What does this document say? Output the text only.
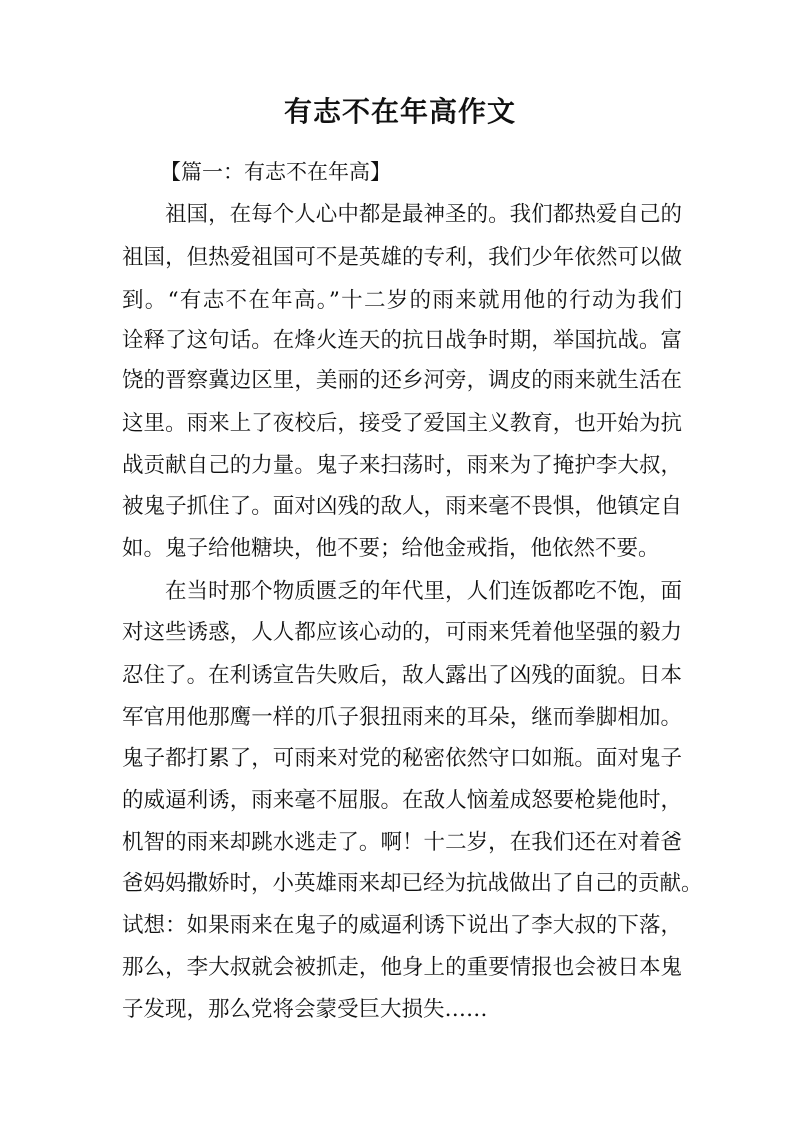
有志不在年高作文

【篇一：有志不在年高】

祖国，在每个人心中都是最神圣的。我们都热爱自己的

祖国，但热爱祖国可不是英雄的专利，我们少年依然可以做

到。“有志不在年高。”十二岁的雨来就用他的行动为我们

诠释了这句话。在烽火连天的抗日战争时期，举国抗战。富

饶的晋察冀边区里，美丽的还乡河旁，调皮的雨来就生活在

这里。雨来上了夜校后，接受了爱国主义教育，也开始为抗

战贡献自己的力量。鬼子来扫荡时，雨来为了掩护李大叔，

被鬼子抓住了。面对凶残的敌人，雨来毫不畏惧，他镇定自

如。鬼子给他糖块，他不要；给他金戒指，他依然不要。

在当时那个物质匮乏的年代里，人们连饭都吃不饱，面

对这些诱惑，人人都应该心动的，可雨来凭着他坚强的毅力

忍住了。在利诱宣告失败后，敌人露出了凶残的面貌。日本

军官用他那鹰一样的爪子狠扭雨来的耳朵，继而拳脚相加。

鬼子都打累了，可雨来对党的秘密依然守口如瓶。面对鬼子

的威逼利诱，雨来毫不屈服。在敌人恼羞成怒要枪毙他时，

机智的雨来却跳水逃走了。啊！十二岁，在我们还在对着爸

爸妈妈撒娇时，小英雄雨来却已经为抗战做出了自己的贡献。

试想：如果雨来在鬼子的威逼利诱下说出了李大叔的下落，

那么，李大叔就会被抓走，他身上的重要情报也会被日本鬼

子发现，那么党将会蒙受巨大损失……
